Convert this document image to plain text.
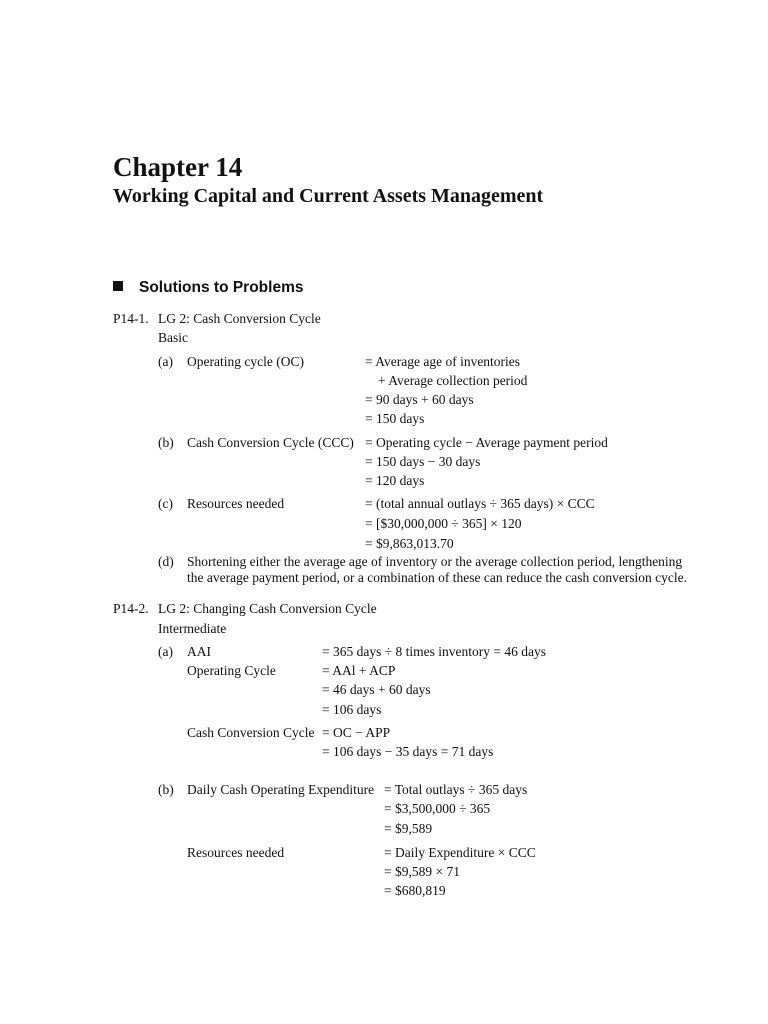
Chapter 14
Working Capital and Current Assets Management
Solutions to Problems
P14-1. LG 2: Cash Conversion Cycle
Basic
(a) Operating cycle (OC)	= Average age of inventories
+ Average collection period
= 90 days + 60 days
= 150 days
(b) Cash Conversion Cycle (CCC) = Operating cycle − Average payment period
= 150 days − 30 days
= 120 days
(c) Resources needed	= (total annual outlays ÷ 365 days) × CCC
= [$30,000,000 ÷ 365] × 120
= $9,863,013.70
(d) Shortening either the average age of inventory or the average collection period, lengthening
the average payment period, or a combination of these can reduce the cash conversion cycle.
P14-2. LG 2: Changing Cash Conversion Cycle
Intermediate
(a) AAI	= 365 days ÷ 8 times inventory = 46 days
Operating Cycle	= AAl + ACP
= 46 days + 60 days
= 106 days
Cash Conversion Cycle = OC − APP
= 106 days − 35 days = 71 days
(b) Daily Cash Operating Expenditure = Total outlays ÷ 365 days
= $3,500,000 ÷ 365
= $9,589
Resources needed	= Daily Expenditure × CCC
= $9,589 × 71
= $680,819
